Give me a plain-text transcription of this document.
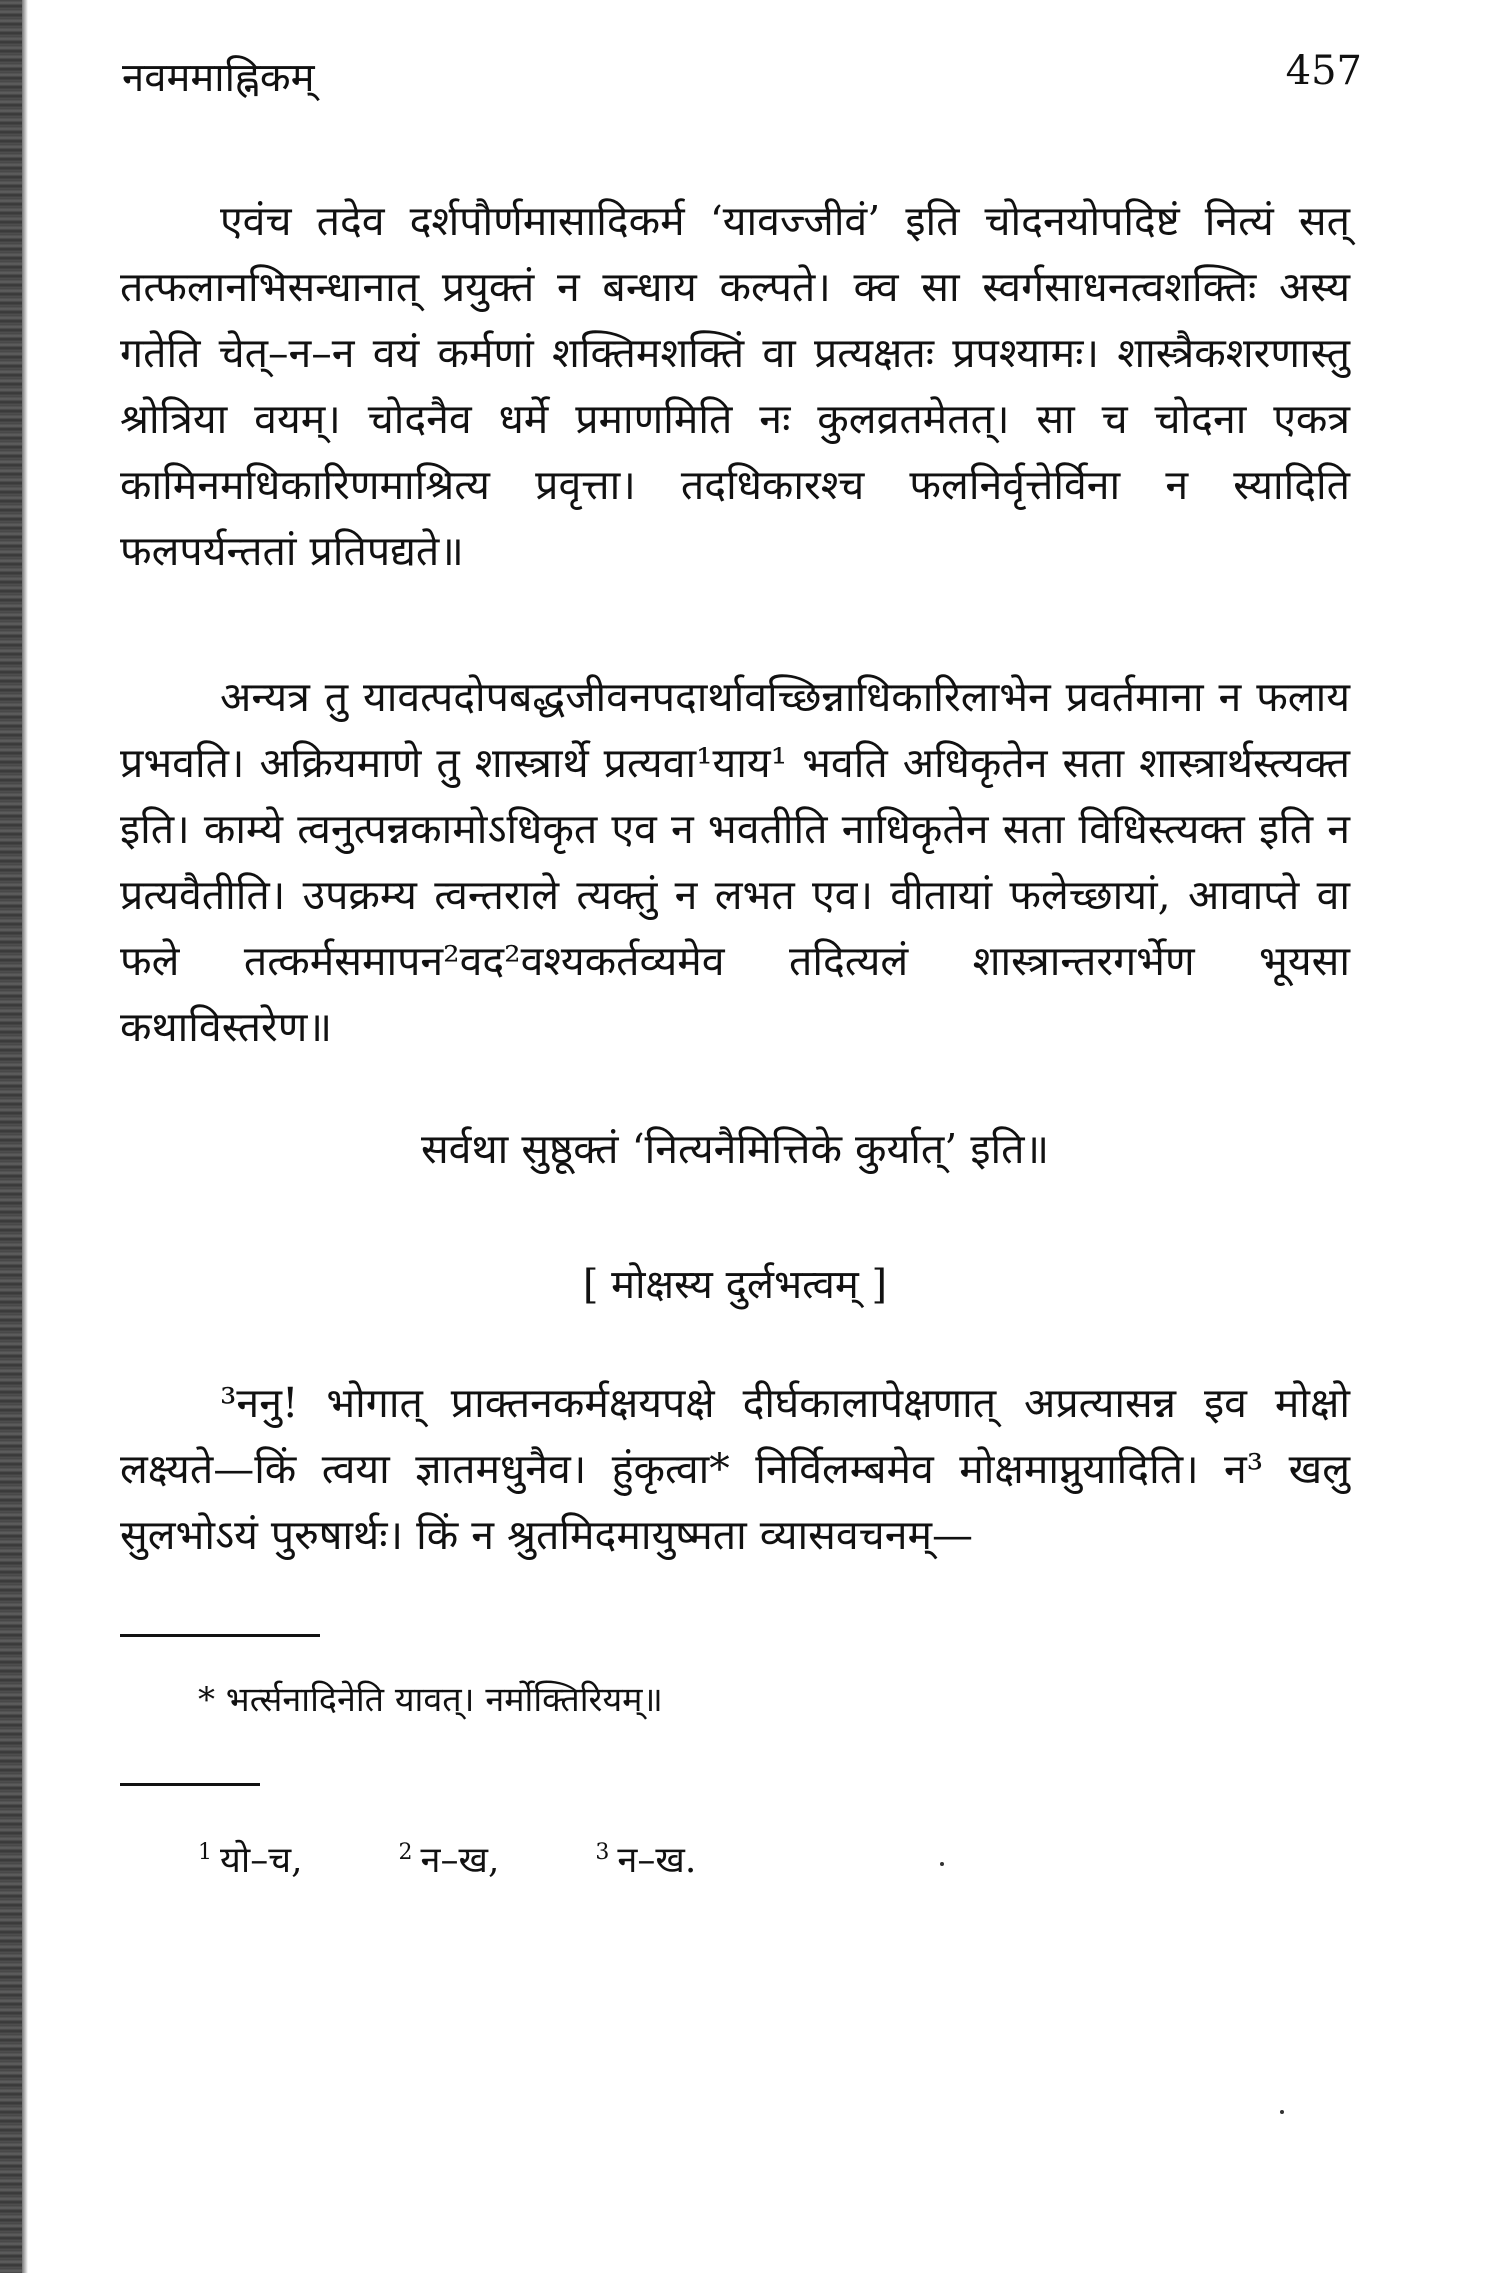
नवममाह्निकम्	457

एवंच तदेव दर्शपौर्णमासादिकर्म ‘यावज्जीवं’ इति चोदनयोपदिष्टं नित्यं सत् तत्फलानभिसन्धानात् प्रयुक्तं न बन्धाय कल्पते। क्व सा स्वर्गसाधनत्वशक्तिः अस्य गतेति चेत्–न–न वयं कर्मणां शक्तिमशक्तिं वा प्रत्यक्षतः प्रपश्यामः। शास्त्रैकशरणास्तु श्रोत्रिया वयम्। चोदनैव धर्मे प्रमाणमिति नः कुलव्रतमेतत्। सा च चोदना एकत्र कामिनमधिकारिणमाश्रित्य प्रवृत्ता। तदधिकारश्च फलनिर्वृत्तेर्विना न स्यादिति फलपर्यन्ततां प्रतिपद्यते॥

अन्यत्र तु यावत्पदोपबद्धजीवनपदार्थावच्छिन्नाधिकारिलाभेन प्रवर्तमाना न फलाय प्रभवति। अक्रियमाणे तु शास्त्रार्थे प्रत्यवा¹याय¹ भवति अधिकृतेन सता शास्त्रार्थस्त्यक्त इति। काम्ये त्वनुत्पन्नकामोऽधिकृत एव न भवतीति नाधिकृतेन सता विधिस्त्यक्त इति न प्रत्यवैतीति। उपक्रम्य त्वन्तराले त्यक्तुं न लभत एव। वीतायां फलेच्छायां, आवाप्ते वा फले तत्कर्मसमापन²वद²वश्यकर्तव्यमेव तदित्यलं शास्त्रान्तरगर्भेण भूयसा कथाविस्तरेण॥

सर्वथा सुष्ठूक्तं ‘नित्यनैमित्तिके कुर्यात्’ इति॥

[ मोक्षस्य दुर्लभत्वम् ]

³ननु! भोगात् प्राक्तनकर्मक्षयपक्षे दीर्घकालापेक्षणात् अप्रत्यासन्न इव मोक्षो लक्ष्यते—किं त्वया ज्ञातमधुनैव। हुंकृत्वा* निर्विलम्बमेव मोक्षमाप्नुयादिति। न³ खलु सुलभोऽयं पुरुषार्थः। किं न श्रुतमिदमायुष्मता व्यासवचनम्—

* भर्त्सनादिनेति यावत्। नर्मोक्तिरियम्॥

$^1$ यो–च,	$^2$ न–ख,	$^3$ न–ख.
